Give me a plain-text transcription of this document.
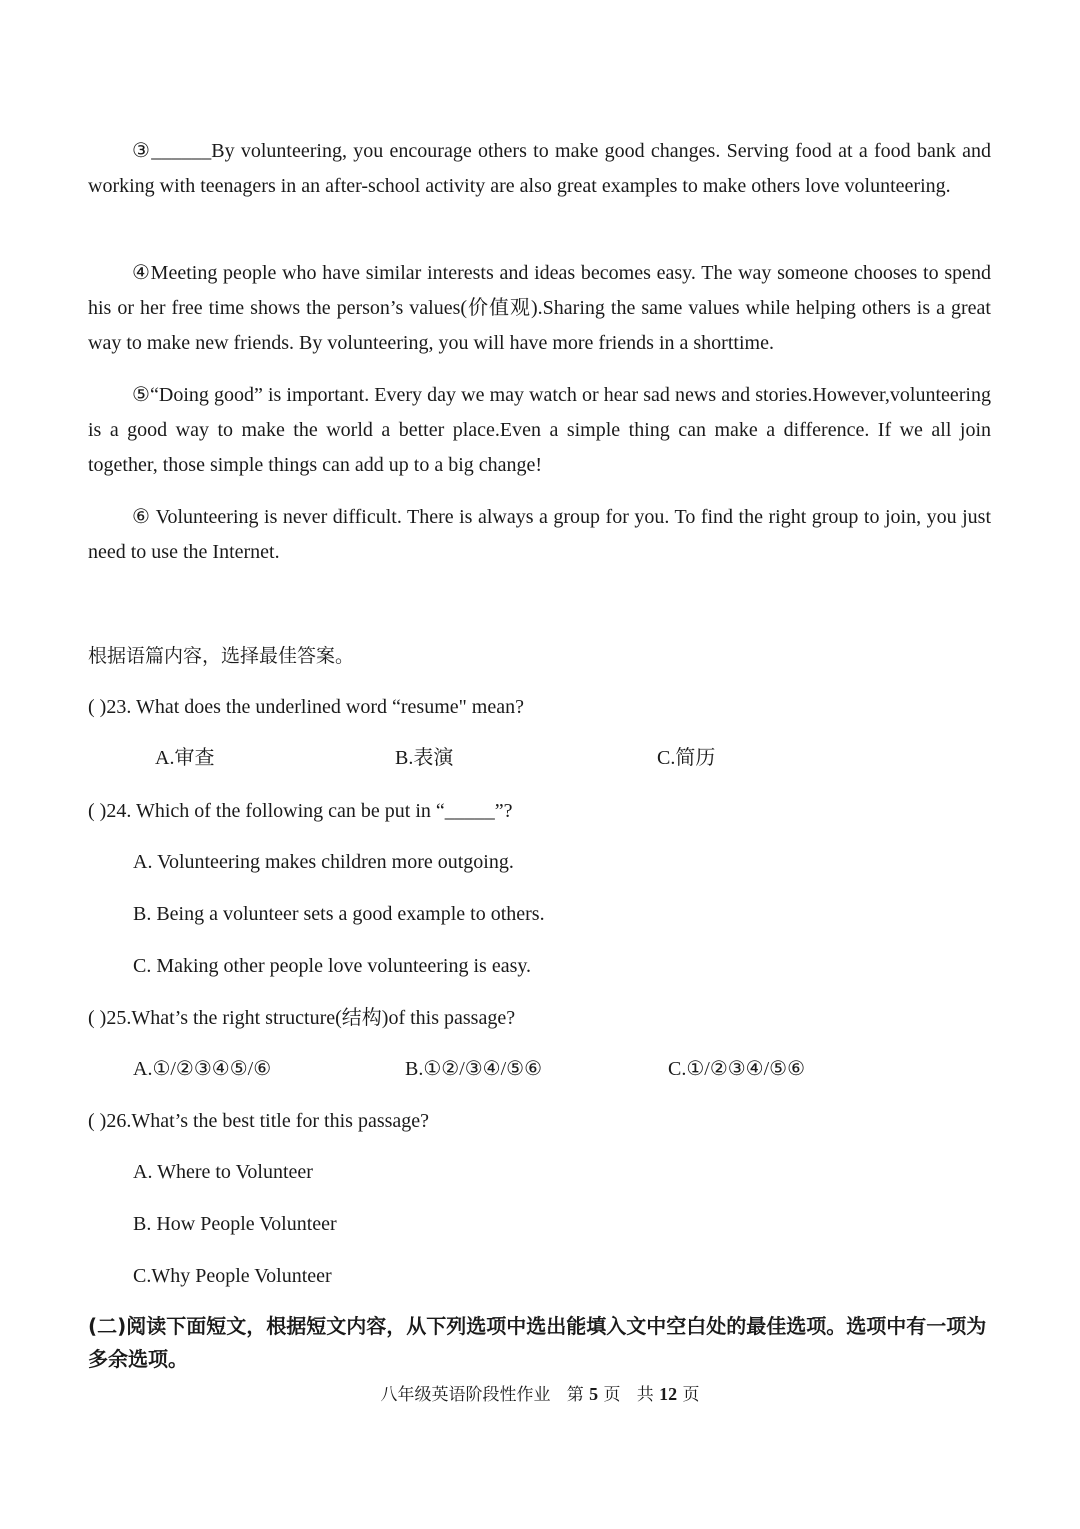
③______By volunteering, you encourage others to make good changes. Serving food at a food bank and working with teenagers in an after-school activity are also great examples to make others love volunteering.

④Meeting people who have similar interests and ideas becomes easy. The way someone chooses to spend his or her free time shows the person’s values(价值观).Sharing the same values while helping others is a great way to make new friends. By volunteering, you will have more friends in a shorttime.

⑤“Doing good” is important. Every day we may watch or hear sad news and stories.However,volunteering is a good way to make the world a better place.Even a simple thing can make a difference. If we all join together, those simple things can add up to a big change!

⑥ Volunteering is never difficult. There is always a group for you. To find the right group to join, you just need to use the Internet.

根据语篇内容，选择最佳答案。

( )23. What does the underlined word “resume" mean?

A.审查	B.表演	C.简历

( )24. Which of the following can be put in “_____”?

A. Volunteering makes children more outgoing.

B. Being a volunteer sets a good example to others.

C. Making other people love volunteering is easy.

( )25.What’s the right structure(结构)of this passage?

A.①/②③④⑤/⑥	B.①②/③④/⑤⑥	C.①/②③④/⑤⑥

( )26.What’s the best title for this passage?

A. Where to Volunteer

B. How People Volunteer

C.Why People Volunteer

(二)阅读下面短文，根据短文内容，从下列选项中选出能填入文中空白处的最佳选项。选项中有一项为多余选项。

八年级英语阶段性作业 第 5 页 共 12 页
